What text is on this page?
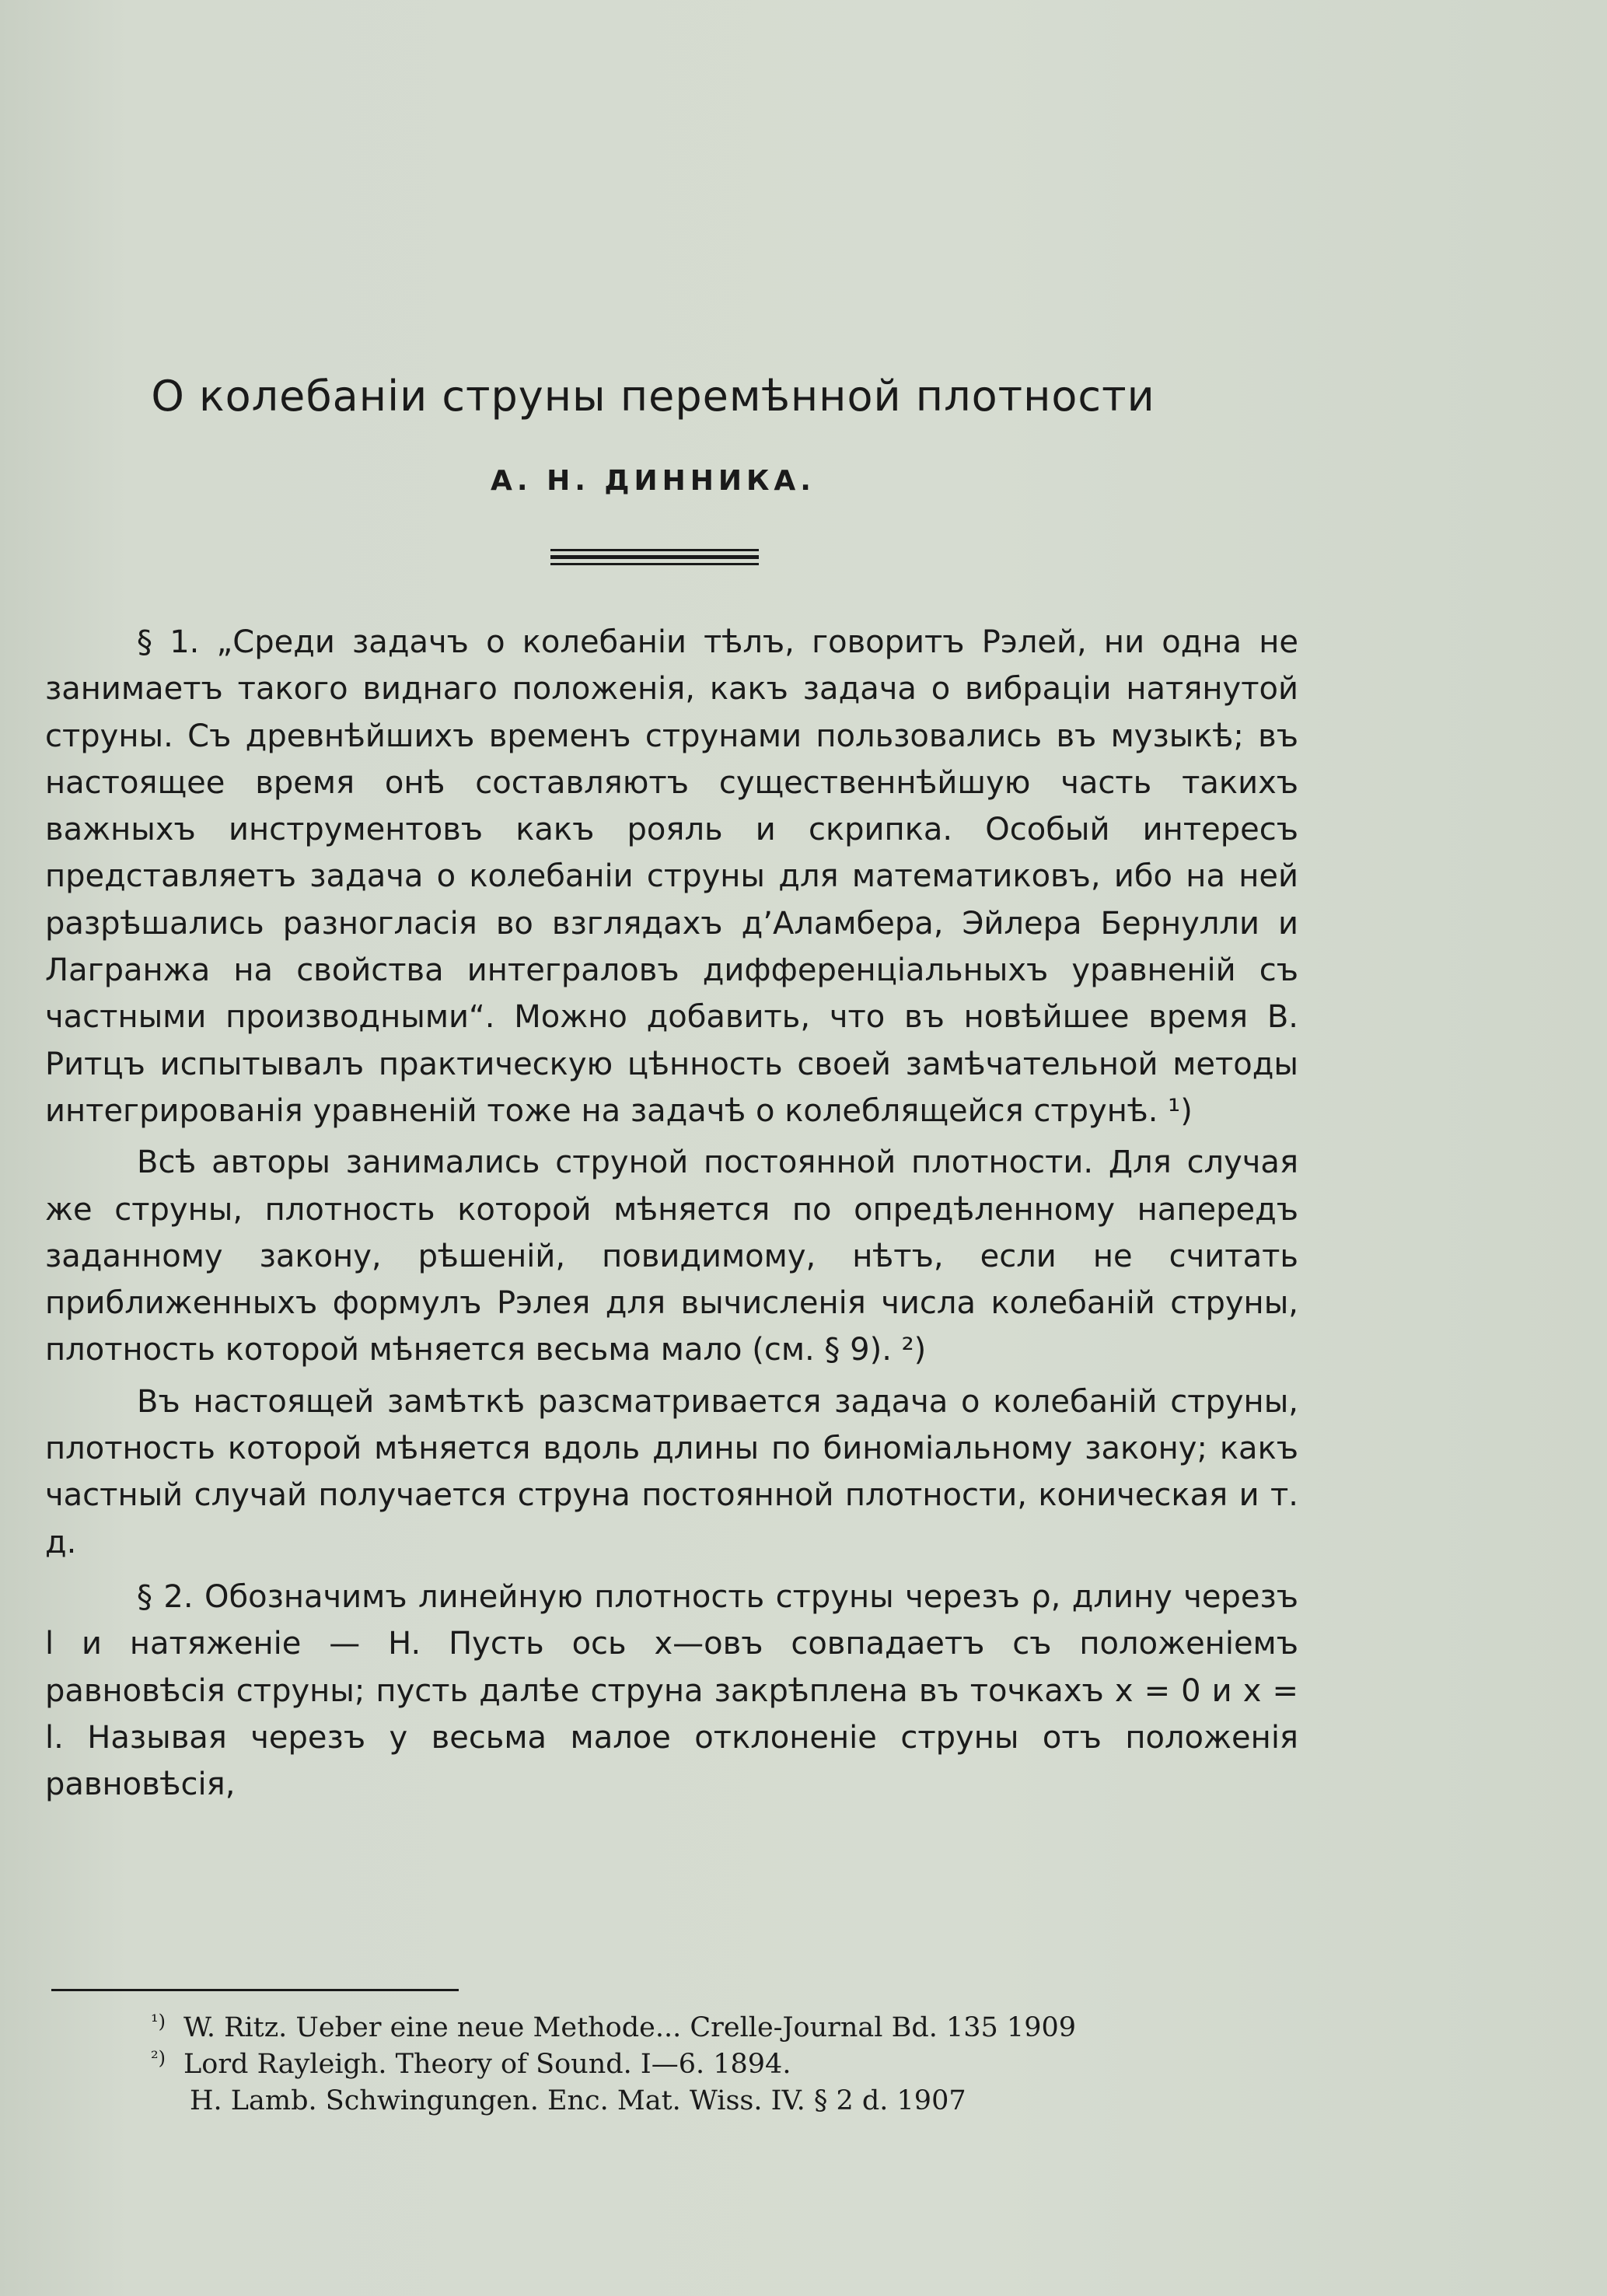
О колебанiи струны перемѣнной плотности
А. Н. ДИННИКА.

§ 1. „Среди задачъ о колебанiи тѣлъ, говоритъ Рэлей, ни одна не занимаетъ такого виднаго положенiя, какъ задача о вибрацiи натянутой струны. Съ древнѣйшихъ временъ струнами пользовались въ музыкѣ; въ настоящее время онѣ составляютъ существеннѣйшую часть такихъ важныхъ инструментовъ какъ рояль и скрипка. Особый интересъ представляетъ задача о колебанiи струны для математиковъ, ибо на ней разрѣшались разногласiя во взглядахъ д’Аламбера, Эйлера Бернулли и Лагранжа на свойства интеграловъ дифференцiальныхъ уравненiй съ частными производными“. Можно добавить, что въ новѣйшее время В. Ритцъ испытывалъ практическую цѣнность своей замѣчательной методы интегрированiя уравненiй тоже на задачѣ о колеблящейся струнѣ. ¹)

Всѣ авторы занимались струной постоянной плотности. Для случая же струны, плотность которой мѣняется по опредѣленному напередъ заданному закону, рѣшенiй, повидимому, нѣтъ, если не считать приближенныхъ формулъ Рэлея для вычисленiя числа колебанiй струны, плотность которой мѣняется весьма мало (см. § 9). ²)

Въ настоящей замѣткѣ разсматривается задача о колебанiй струны, плотность которой мѣняется вдоль длины по биномiальному закону; какъ частный случай получается струна постоянной плотности, коническая и т. д.

§ 2. Обозначимъ линейную плотность струны черезъ ρ, длину черезъ l и натяженiе — H. Пусть ось x—овъ совпадаетъ съ положенiемъ равновѣсiя струны; пусть далѣе струна закрѣплена въ точкахъ x = 0 и x = l. Называя черезъ y весьма малое отклоненiе струны отъ положенiя равновѣсiя,

¹) W. Ritz. Ueber eine neue Methode... Crelle-Journal Bd. 135 1909
²) Lord Rayleigh. Theory of Sound. I—6. 1894.
H. Lamb. Schwingungen. Enc. Mat. Wiss. IV. § 2 d. 1907
